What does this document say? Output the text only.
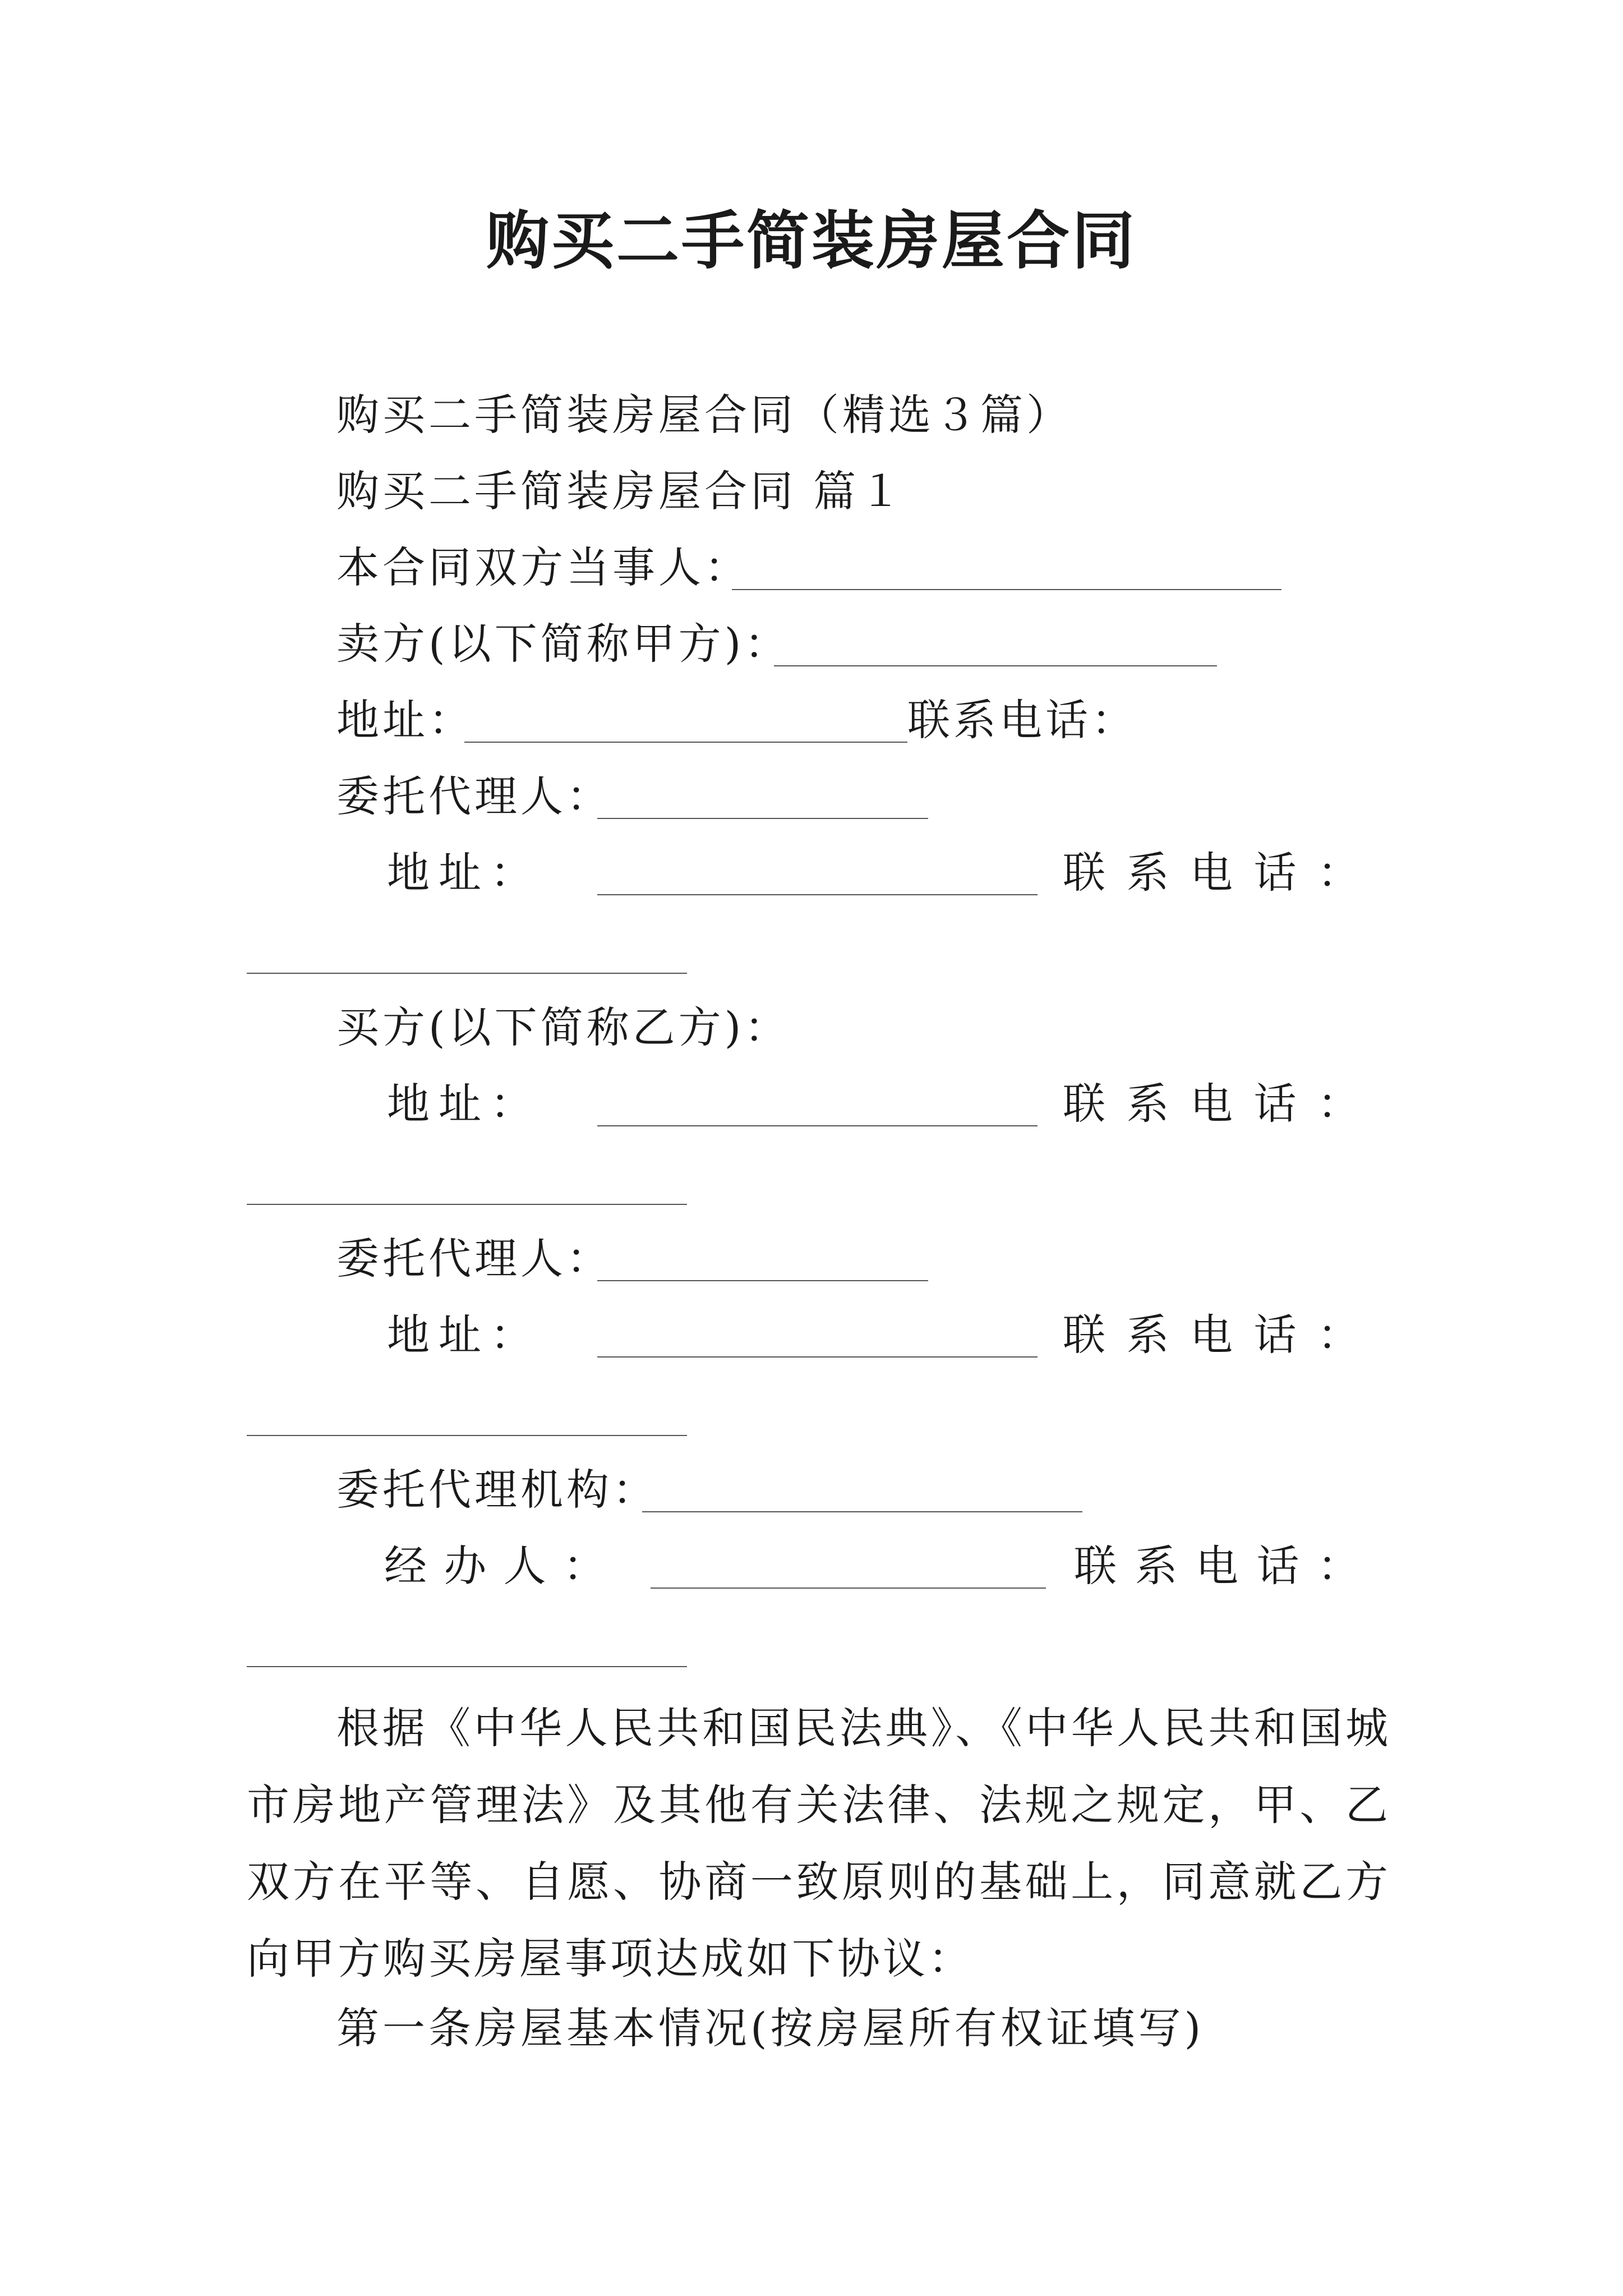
购买二手简装房屋合同
购买二手简装房屋合同（精选３篇）
购买二手简装房屋合同 篇１
本合同双方当事人：
卖方(以下简称甲方)：
地址：	联系电话：
委托代理人：
地 址 ：	联 系 电 话 ：
买方(以下简称乙方)：
地 址 ：	联 系 电 话 ：
委托代理人：
地 址 ：	联 系 电 话 ：
委托代理机构：
经 办 人 ：	联 系 电 话 ：
根据《中华人民共和国民法典》、《中华人民共和国城市房地产管理法》及其他有关法律、法规之规定，甲、乙双方在平等、自愿、协商一致原则的基础上，同意就乙方向甲方购买房屋事项达成如下协议：
第一条房屋基本情况(按房屋所有权证填写)
